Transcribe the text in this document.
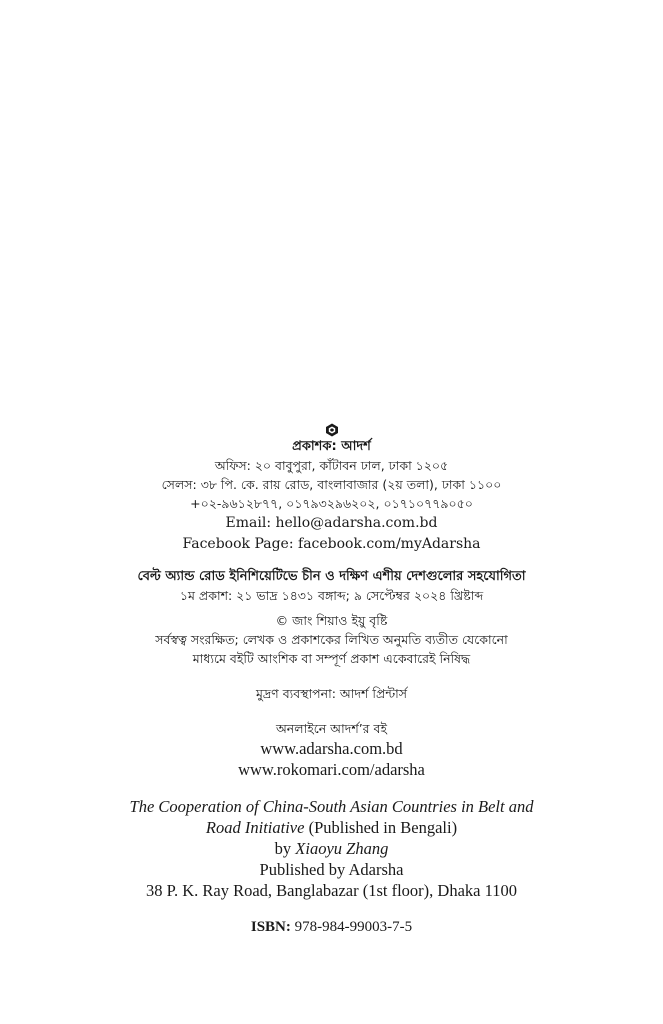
প্রকাশক: আদর্শ
অফিস: ২০ বাবুপুরা, কাঁটাবন ঢাল, ঢাকা ১২০৫
সেলস: ৩৮ পি. কে. রায় রোড, বাংলাবাজার (২য় তলা), ঢাকা ১১০০
+০২-৯৬১২৮৭৭, ০১৭৯৩২৯৬২০২, ০১৭১০৭৭৯০৫০
Email: hello@adarsha.com.bd
Facebook Page: facebook.com/myAdarsha
বেল্ট অ্যান্ড রোড ইনিশিয়েটিভে চীন ও দক্ষিণ এশীয় দেশগুলোর সহযোগিতা
১ম প্রকাশ: ২১ ভাদ্র ১৪৩১ বঙ্গাব্দ; ৯ সেপ্টেম্বর ২০২৪ খ্রিষ্টাব্দ
© জাং শিয়াও ইয়ু বৃষ্টি
সর্বস্বত্ব সংরক্ষিত; লেখক ও প্রকাশকের লিখিত অনুমতি ব্যতীত যেকোনো
মাধ্যমে বইটি আংশিক বা সম্পূর্ণ প্রকাশ একেবারেই নিষিদ্ধ
মুদ্রণ ব্যবস্থাপনা: আদর্শ প্রিন্টার্স
অনলাইনে আদর্শ’র বই
www.adarsha.com.bd
www.rokomari.com/adarsha
The Cooperation of China-South Asian Countries in Belt and
Road Initiative (Published in Bengali)
by Xiaoyu Zhang
Published by Adarsha
38 P. K. Ray Road, Banglabazar (1st floor), Dhaka 1100
ISBN: 978-984-99003-7-5
